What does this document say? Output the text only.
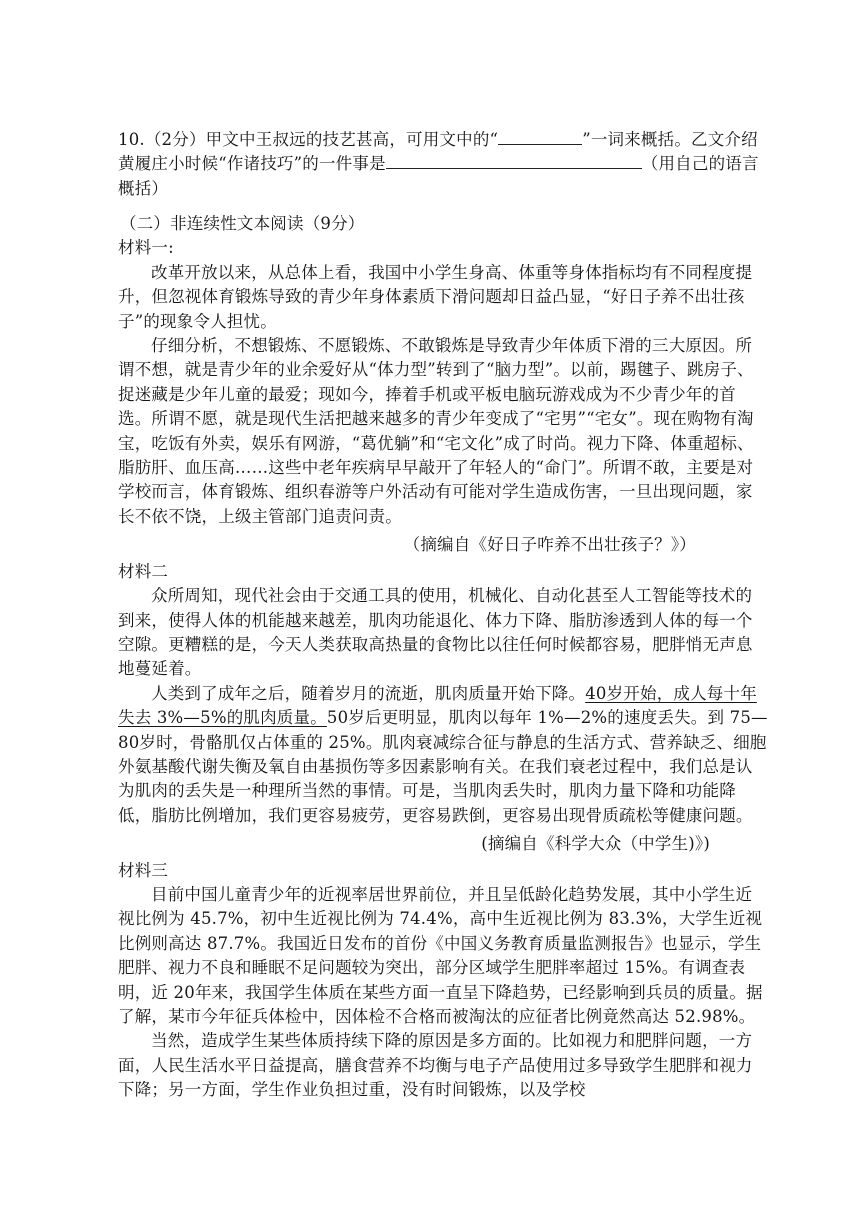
10.（2分）甲文中王叔远的技艺甚高，可用文中的“	”一词来概括。乙文介绍黄履庄小时候“作诸技巧”的一件事是	（用自己的语言概括）

（二）非连续性文本阅读（9分）

材料一:

改革开放以来，从总体上看，我国中小学生身高、体重等身体指标均有不同程度提升，但忽视体育锻炼导致的青少年身体素质下滑问题却日益凸显，“好日子养不出壮孩子”的现象令人担忧。

仔细分析，不想锻炼、不愿锻炼、不敢锻炼是导致青少年体质下滑的三大原因。所谓不想，就是青少年的业余爱好从“体力型”转到了“脑力型”。以前，踢毽子、跳房子、捉迷藏是少年儿童的最爱；现如今，捧着手机或平板电脑玩游戏成为不少青少年的首选。所谓不愿，就是现代生活把越来越多的青少年变成了“宅男”“宅女”。现在购物有淘宝，吃饭有外卖，娱乐有网游，“葛优躺”和“宅文化”成了时尚。视力下降、体重超标、脂肪肝、血压高……这些中老年疾病早早敲开了年轻人的“命门”。所谓不敢，主要是对学校而言，体育锻炼、组织春游等户外活动有可能对学生造成伤害，一旦出现问题，家长不依不饶，上级主管部门追责问责。

（摘编自《好日子咋养不出壮孩子？》）

材料二

众所周知，现代社会由于交通工具的使用，机械化、自动化甚至人工智能等技术的到来，使得人体的机能越来越差，肌肉功能退化、体力下降、脂肪渗透到人体的每一个空隙。更糟糕的是，今天人类获取高热量的食物比以往任何时候都容易，肥胖悄无声息地蔓延着。

人类到了成年之后，随着岁月的流逝，肌肉质量开始下降。40岁开始，成人每十年失去 3%—5%的肌肉质量。50岁后更明显，肌肉以每年 1%—2%的速度丢失。到 75—80岁时，骨骼肌仅占体重的 25%。肌肉衰减综合征与静息的生活方式、营养缺乏、细胞外氨基酸代谢失衡及氧自由基损伤等多因素影响有关。在我们衰老过程中，我们总是认为肌肉的丢失是一种理所当然的事情。可是，当肌肉丢失时，肌肉力量下降和功能降低，脂肪比例增加，我们更容易疲劳，更容易跌倒，更容易出现骨质疏松等健康问题。

(摘编自《科学大众（中学生)》)

材料三

目前中国儿童青少年的近视率居世界前位，并且呈低龄化趋势发展，其中小学生近视比例为 45.7%，初中生近视比例为 74.4%，高中生近视比例为 83.3%，大学生近视比例则高达 87.7%。我国近日发布的首份《中国义务教育质量监测报告》也显示，学生肥胖、视力不良和睡眠不足问题较为突出，部分区域学生肥胖率超过 15%。有调查表明，近 20年来，我国学生体质在某些方面一直呈下降趋势，已经影响到兵员的质量。据了解，某市今年征兵体检中，因体检不合格而被淘汰的应征者比例竟然高达 52.98%。

当然，造成学生某些体质持续下降的原因是多方面的。比如视力和肥胖问题，一方面，人民生活水平日益提高，膳食营养不均衡与电子产品使用过多导致学生肥胖和视力下降；另一方面，学生作业负担过重，没有时间锻炼，以及学校
